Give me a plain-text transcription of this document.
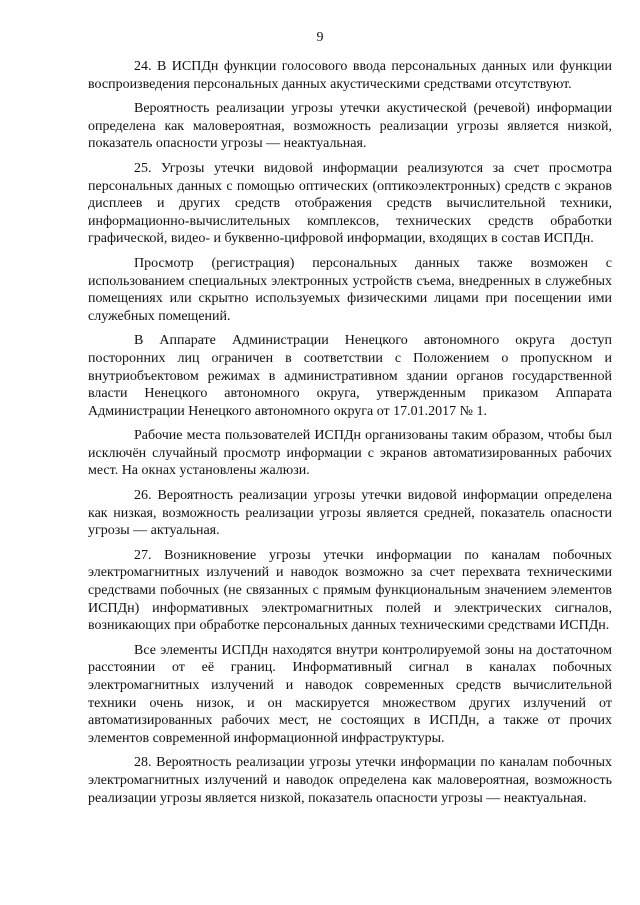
9

24. В ИСПДн функции голосового ввода персональных данных или функции воспроизведения персональных данных акустическими средствами отсутствуют.

Вероятность реализации угрозы утечки акустической (речевой) информации определена как маловероятная, возможность реализации угрозы является низкой, показатель опасности угрозы — неактуальная.

25. Угрозы утечки видовой информации реализуются за счет просмотра персональных данных с помощью оптических (оптикоэлектронных) средств с экранов дисплеев и других средств отображения средств вычислительной техники, информационно-вычислительных комплексов, технических средств обработки графической, видео- и буквенно-цифровой информации, входящих в состав ИСПДн.

Просмотр (регистрация) персональных данных также возможен с использованием специальных электронных устройств съема, внедренных в служебных помещениях или скрытно используемых физическими лицами при посещении ими служебных помещений.

В Аппарате Администрации Ненецкого автономного округа доступ посторонних лиц ограничен в соответствии с Положением о пропускном и внутриобъектовом режимах в административном здании органов государственной власти Ненецкого автономного округа, утвержденным приказом Аппарата Администрации Ненецкого автономного округа от 17.01.2017 № 1.

Рабочие места пользователей ИСПДн организованы таким образом, чтобы был исключён случайный просмотр информации с экранов автоматизированных рабочих мест. На окнах установлены жалюзи.

26. Вероятность реализации угрозы утечки видовой информации определена как низкая, возможность реализации угрозы является средней, показатель опасности угрозы — актуальная.

27. Возникновение угрозы утечки информации по каналам побочных электромагнитных излучений и наводок возможно за счет перехвата техническими средствами побочных (не связанных с прямым функциональным значением элементов ИСПДн) информативных электромагнитных полей и электрических сигналов, возникающих при обработке персональных данных техническими средствами ИСПДн.

Все элементы ИСПДн находятся внутри контролируемой зоны на достаточном расстоянии от её границ. Информативный сигнал в каналах побочных электромагнитных излучений и наводок современных средств вычислительной техники очень низок, и он маскируется множеством других излучений от автоматизированных рабочих мест, не состоящих в ИСПДн, а также от прочих элементов современной информационной инфраструктуры.

28. Вероятность реализации угрозы утечки информации по каналам побочных электромагнитных излучений и наводок определена как маловероятная, возможность реализации угрозы является низкой, показатель опасности угрозы — неактуальная.
